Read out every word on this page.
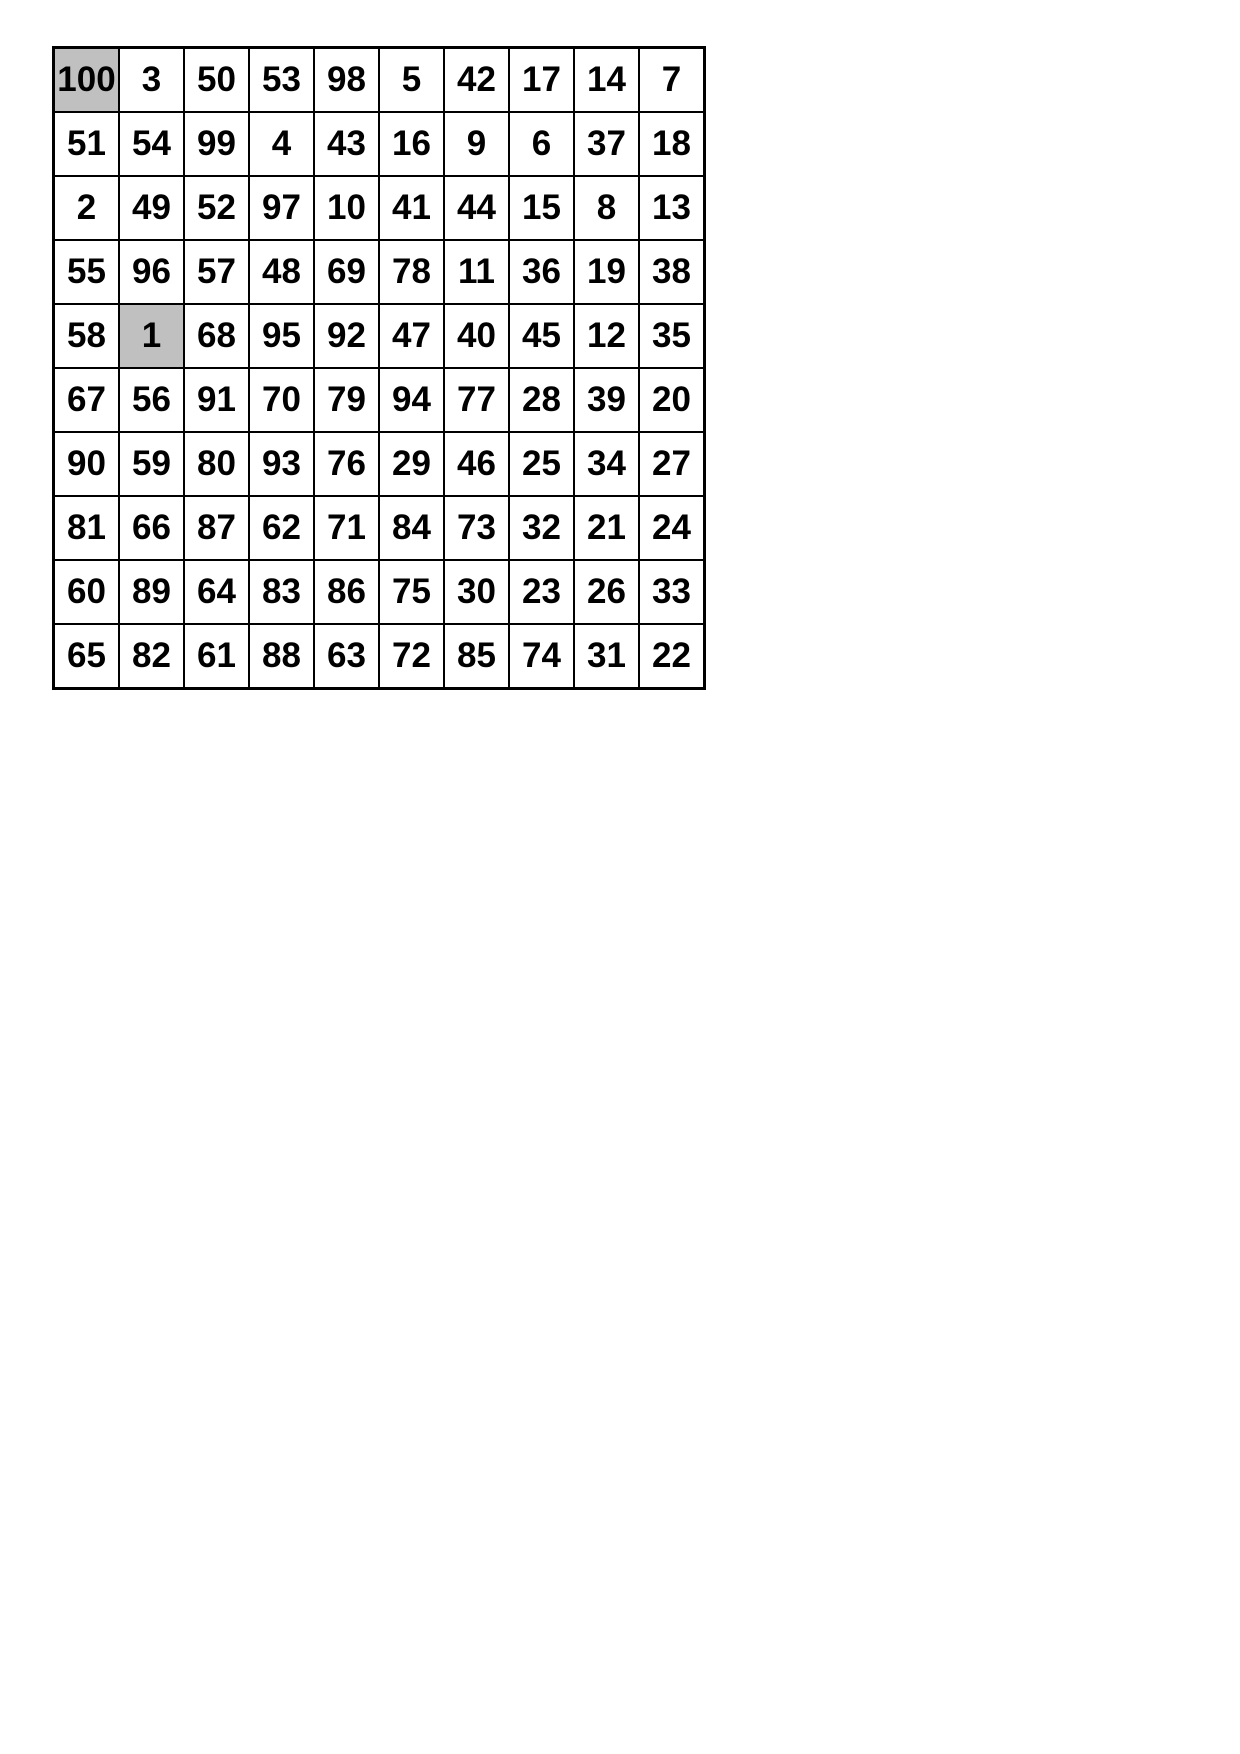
100	3	50	53	98	5	42	17	14	7
51	54	99	4	43	16	9	6	37	18
2	49	52	97	10	41	44	15	8	13
55	96	57	48	69	78	11	36	19	38
58	1	68	95	92	47	40	45	12	35
67	56	91	70	79	94	77	28	39	20
90	59	80	93	76	29	46	25	34	27
81	66	87	62	71	84	73	32	21	24
60	89	64	83	86	75	30	23	26	33
65	82	61	88	63	72	85	74	31	22
